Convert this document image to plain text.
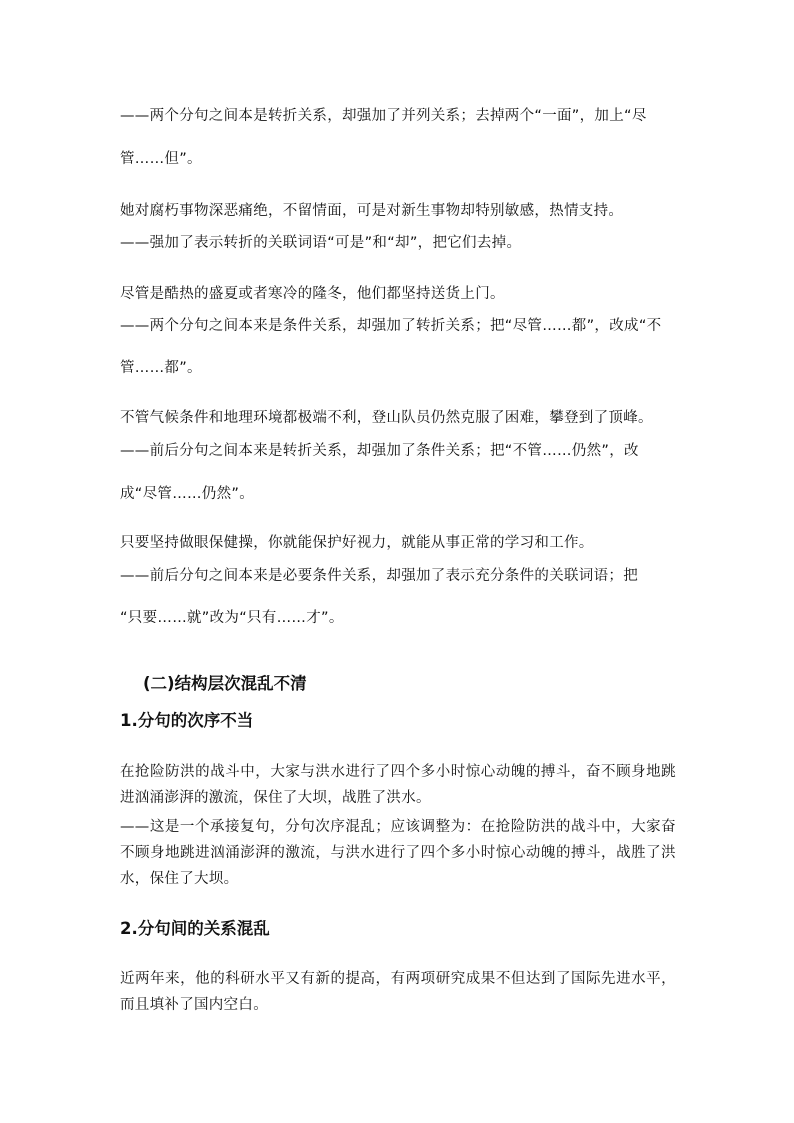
——两个分句之间本是转折关系，却强加了并列关系；去掉两个“一面”，加上“尽
管……但”。
她对腐朽事物深恶痛绝，不留情面，可是对新生事物却特别敏感，热情支持。
——强加了表示转折的关联词语“可是”和“却”，把它们去掉。
尽管是酷热的盛夏或者寒冷的隆冬，他们都坚持送货上门。
——两个分句之间本来是条件关系，却强加了转折关系；把“尽管……都”，改成“不
管……都”。
不管气候条件和地理环境都极端不利，登山队员仍然克服了困难，攀登到了顶峰。
——前后分句之间本来是转折关系，却强加了条件关系；把“不管……仍然”，改
成“尽管……仍然”。
只要坚持做眼保健操，你就能保护好视力，就能从事正常的学习和工作。
——前后分句之间本来是必要条件关系，却强加了表示充分条件的关联词语；把
“只要……就”改为“只有……才”。
(二)结构层次混乱不清
1.分句的次序不当
在抢险防洪的战斗中，大家与洪水进行了四个多小时惊心动魄的搏斗，奋不顾身地跳进汹涌澎湃的激流，保住了大坝，战胜了洪水。
——这是一个承接复句，分句次序混乱；应该调整为：在抢险防洪的战斗中，大家奋不顾身地跳进汹涌澎湃的激流，与洪水进行了四个多小时惊心动魄的搏斗，战胜了洪水，保住了大坝。
2.分句间的关系混乱
近两年来，他的科研水平又有新的提高，有两项研究成果不但达到了国际先进水平，而且填补了国内空白。
